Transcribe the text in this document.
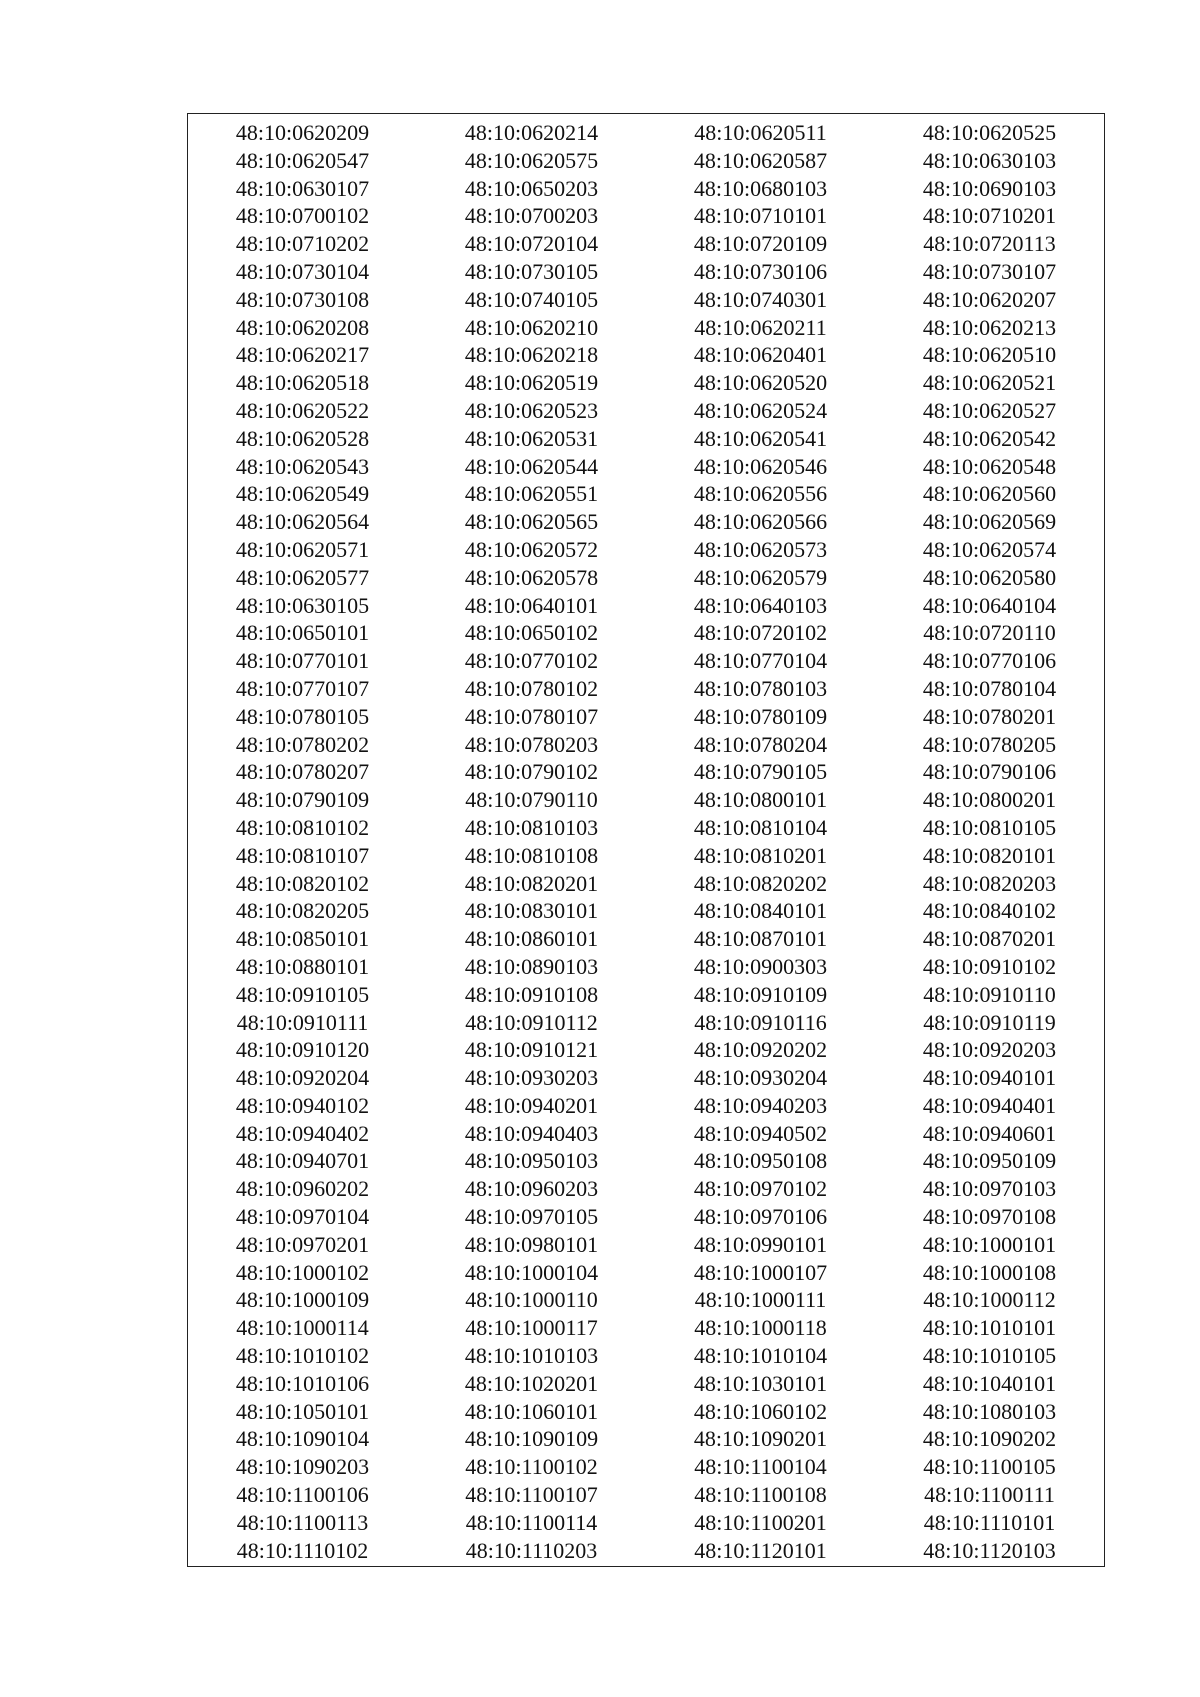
48:10:0620209	48:10:0620214	48:10:0620511	48:10:0620525
48:10:0620547	48:10:0620575	48:10:0620587	48:10:0630103
48:10:0630107	48:10:0650203	48:10:0680103	48:10:0690103
48:10:0700102	48:10:0700203	48:10:0710101	48:10:0710201
48:10:0710202	48:10:0720104	48:10:0720109	48:10:0720113
48:10:0730104	48:10:0730105	48:10:0730106	48:10:0730107
48:10:0730108	48:10:0740105	48:10:0740301	48:10:0620207
48:10:0620208	48:10:0620210	48:10:0620211	48:10:0620213
48:10:0620217	48:10:0620218	48:10:0620401	48:10:0620510
48:10:0620518	48:10:0620519	48:10:0620520	48:10:0620521
48:10:0620522	48:10:0620523	48:10:0620524	48:10:0620527
48:10:0620528	48:10:0620531	48:10:0620541	48:10:0620542
48:10:0620543	48:10:0620544	48:10:0620546	48:10:0620548
48:10:0620549	48:10:0620551	48:10:0620556	48:10:0620560
48:10:0620564	48:10:0620565	48:10:0620566	48:10:0620569
48:10:0620571	48:10:0620572	48:10:0620573	48:10:0620574
48:10:0620577	48:10:0620578	48:10:0620579	48:10:0620580
48:10:0630105	48:10:0640101	48:10:0640103	48:10:0640104
48:10:0650101	48:10:0650102	48:10:0720102	48:10:0720110
48:10:0770101	48:10:0770102	48:10:0770104	48:10:0770106
48:10:0770107	48:10:0780102	48:10:0780103	48:10:0780104
48:10:0780105	48:10:0780107	48:10:0780109	48:10:0780201
48:10:0780202	48:10:0780203	48:10:0780204	48:10:0780205
48:10:0780207	48:10:0790102	48:10:0790105	48:10:0790106
48:10:0790109	48:10:0790110	48:10:0800101	48:10:0800201
48:10:0810102	48:10:0810103	48:10:0810104	48:10:0810105
48:10:0810107	48:10:0810108	48:10:0810201	48:10:0820101
48:10:0820102	48:10:0820201	48:10:0820202	48:10:0820203
48:10:0820205	48:10:0830101	48:10:0840101	48:10:0840102
48:10:0850101	48:10:0860101	48:10:0870101	48:10:0870201
48:10:0880101	48:10:0890103	48:10:0900303	48:10:0910102
48:10:0910105	48:10:0910108	48:10:0910109	48:10:0910110
48:10:0910111	48:10:0910112	48:10:0910116	48:10:0910119
48:10:0910120	48:10:0910121	48:10:0920202	48:10:0920203
48:10:0920204	48:10:0930203	48:10:0930204	48:10:0940101
48:10:0940102	48:10:0940201	48:10:0940203	48:10:0940401
48:10:0940402	48:10:0940403	48:10:0940502	48:10:0940601
48:10:0940701	48:10:0950103	48:10:0950108	48:10:0950109
48:10:0960202	48:10:0960203	48:10:0970102	48:10:0970103
48:10:0970104	48:10:0970105	48:10:0970106	48:10:0970108
48:10:0970201	48:10:0980101	48:10:0990101	48:10:1000101
48:10:1000102	48:10:1000104	48:10:1000107	48:10:1000108
48:10:1000109	48:10:1000110	48:10:1000111	48:10:1000112
48:10:1000114	48:10:1000117	48:10:1000118	48:10:1010101
48:10:1010102	48:10:1010103	48:10:1010104	48:10:1010105
48:10:1010106	48:10:1020201	48:10:1030101	48:10:1040101
48:10:1050101	48:10:1060101	48:10:1060102	48:10:1080103
48:10:1090104	48:10:1090109	48:10:1090201	48:10:1090202
48:10:1090203	48:10:1100102	48:10:1100104	48:10:1100105
48:10:1100106	48:10:1100107	48:10:1100108	48:10:1100111
48:10:1100113	48:10:1100114	48:10:1100201	48:10:1110101
48:10:1110102	48:10:1110203	48:10:1120101	48:10:1120103
